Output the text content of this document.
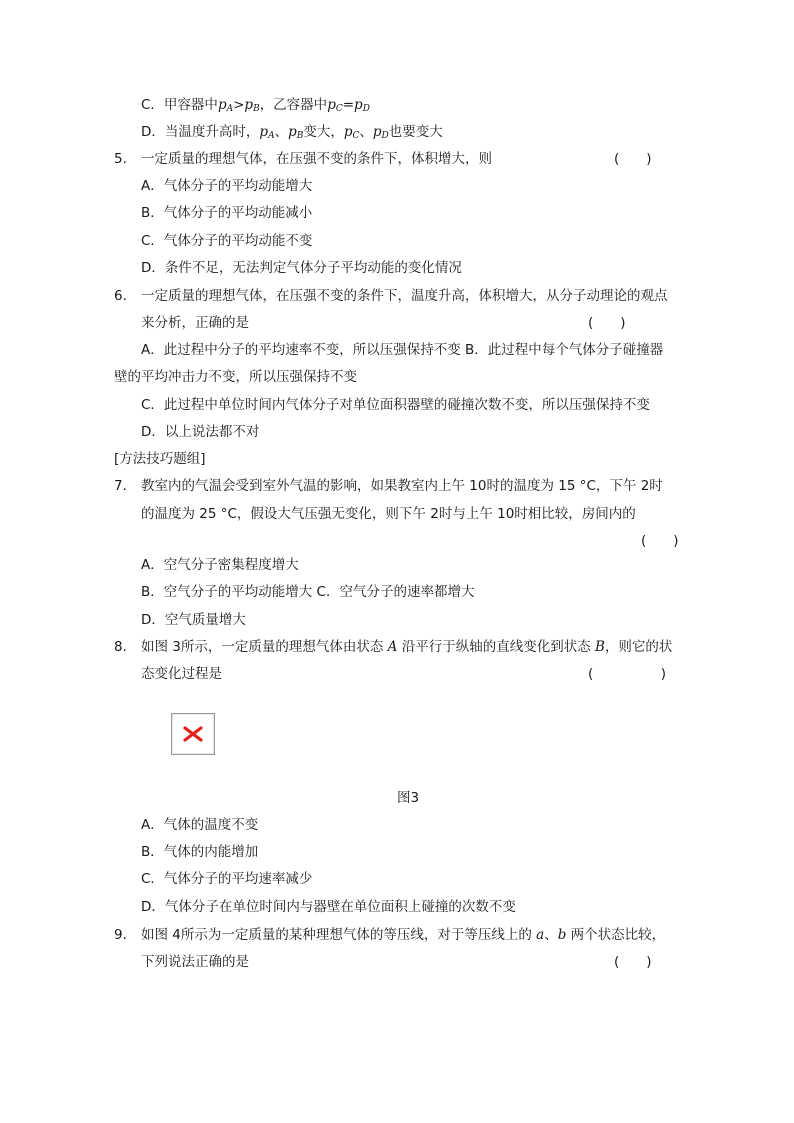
C．甲容器中$p_A>p_B$，乙容器中$p_C=p_D$
D．当温度升高时，$p_A$、$p_B$变大，$p_C$、$p_D$也要变大
5． 一定质量的理想气体，在压强不变的条件下，体积增大，则	(　　)
A．气体分子的平均动能增大
B．气体分子的平均动能减小
C．气体分子的平均动能不变
D．条件不足，无法判定气体分子平均动能的变化情况
6． 一定质量的理想气体，在压强不变的条件下，温度升高，体积增大，从分子动理论的观点
来分析，正确的是	(　　)
A．此过程中分子的平均速率不变，所以压强保持不变 B．此过程中每个气体分子碰撞器
壁的平均冲击力不变，所以压强保持不变
C．此过程中单位时间内气体分子对单位面积器壁的碰撞次数不变，所以压强保持不变
D．以上说法都不对
[方法技巧题组]
7． 教室内的气温会受到室外气温的影响，如果教室内上午 10时的温度为 15 °C，下午 2时
的温度为 25 °C，假设大气压强无变化，则下午 2时与上午 10时相比较，房间内的
(　　)
A．空气分子密集程度增大
B．空气分子的平均动能增大 C．空气分子的速率都增大
D．空气质量增大
8． 如图 3所示，一定质量的理想气体由状态 A 沿平行于纵轴的直线变化到状态 B，则它的状
态变化过程是	(　　　　　)
图3
A．气体的温度不变
B．气体的内能增加
C．气体分子的平均速率减少
D．气体分子在单位时间内与器壁在单位面积上碰撞的次数不变
9． 如图 4所示为一定质量的某种理想气体的等压线，对于等压线上的 a、b 两个状态比较，
下列说法正确的是	(　　)
